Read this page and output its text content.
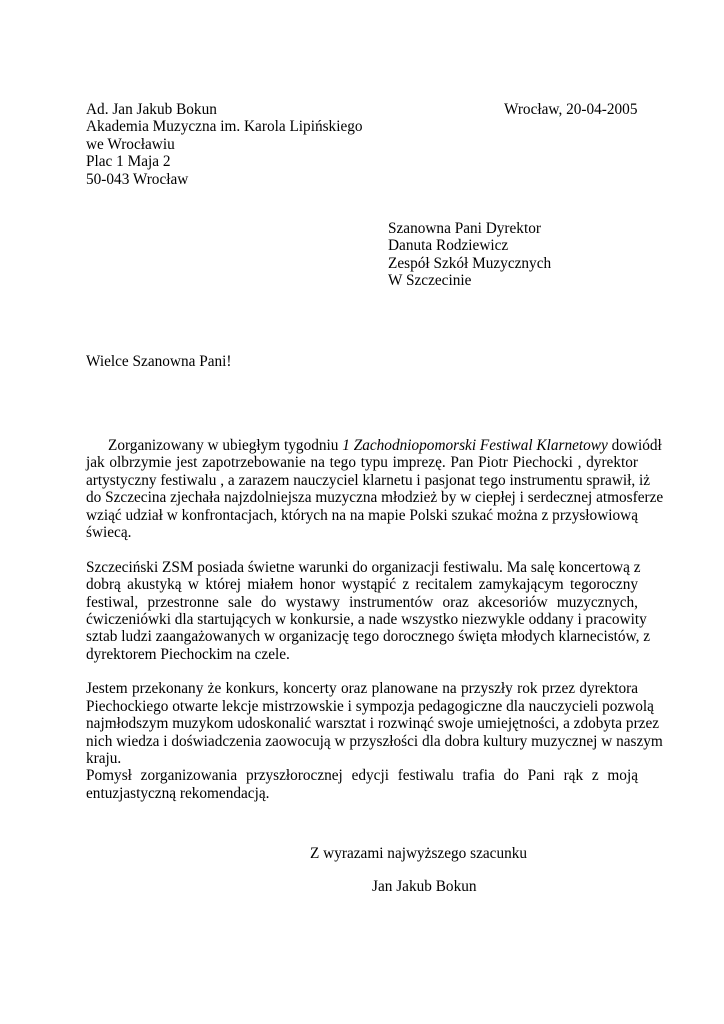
Ad. Jan Jakub Bokun
Akademia Muzyczna im. Karola Lipińskiego
we Wrocławiu
Plac 1 Maja 2
50-043 Wrocław
Wrocław, 20-04-2005
Szanowna Pani Dyrektor
Danuta Rodziewicz
Zespół Szkół Muzycznych
W Szczecinie
Wielce Szanowna Pani!
Zorganizowany w ubiegłym tygodniu 1 Zachodniopomorski Festiwal Klarnetowy dowiódł
jak olbrzymie jest zapotrzebowanie na tego typu imprezę. Pan Piotr Piechocki , dyrektor
artystyczny festiwalu , a zarazem nauczyciel klarnetu i pasjonat tego instrumentu sprawił, iż
do Szczecina zjechała najzdolniejsza muzyczna młodzież by w ciepłej i serdecznej atmosferze
wziąć udział w konfrontacjach, których na na mapie Polski szukać można z przysłowiową
świecą.
Szczeciński ZSM posiada świetne warunki do organizacji festiwalu. Ma salę koncertową z
dobrą akustyką w której miałem honor wystąpić z recitalem zamykającym tegoroczny
festiwal, przestronne sale do wystawy instrumentów oraz akcesoriów muzycznych,
ćwiczeniówki dla startujących w konkursie, a nade wszystko niezwykle oddany i pracowity
sztab ludzi zaangażowanych w organizację tego dorocznego święta młodych klarnecistów, z
dyrektorem Piechockim na czele.
Jestem przekonany że konkurs, koncerty oraz planowane na przyszły rok przez dyrektora
Piechockiego otwarte lekcje mistrzowskie i sympozja pedagogiczne dla nauczycieli pozwolą
najmłodszym muzykom udoskonalić warsztat i rozwinąć swoje umiejętności, a zdobyta przez
nich wiedza i doświadczenia zaowocują w przyszłości dla dobra kultury muzycznej w naszym
kraju.
Pomysł zorganizowania przyszłorocznej edycji festiwalu trafia do Pani rąk z moją
entuzjastyczną rekomendacją.
Z wyrazami najwyższego szacunku
Jan Jakub Bokun
